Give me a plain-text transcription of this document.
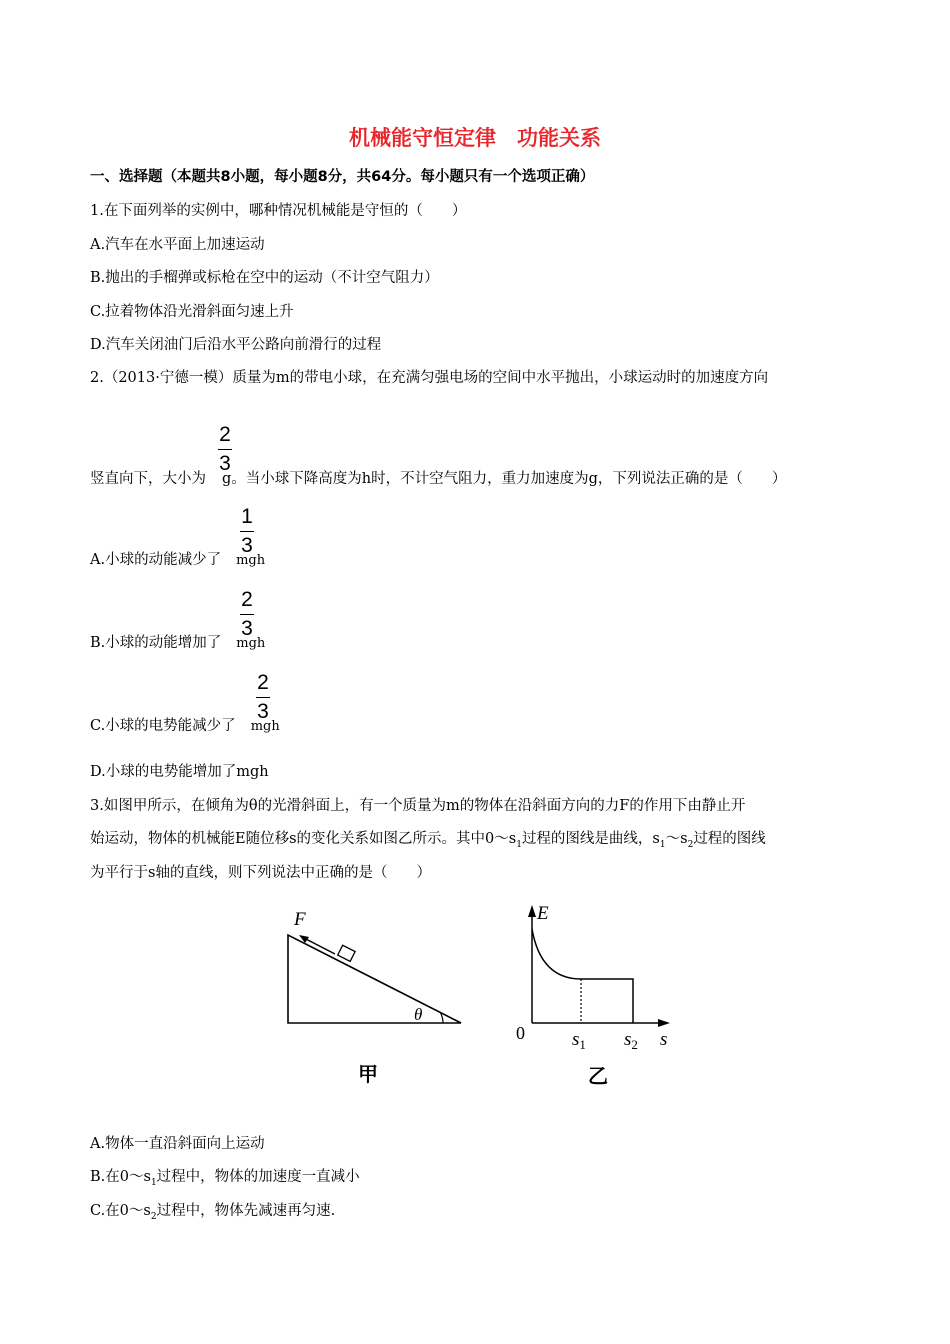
机械能守恒定律　功能关系
一、选择题（本题共8小题，每小题8分，共64分。每小题只有一个选项正确）
1.在下面列举的实例中，哪种情况机械能是守恒的（　　）
A.汽车在水平面上加速运动
B.抛出的手榴弹或标枪在空中的运动（不计空气阻力）
C.拉着物体沿光滑斜面匀速上升
D.汽车关闭油门后沿水平公路向前滑行的过程
2.（2013·宁德一模）质量为m的带电小球，在充满匀强电场的空间中水平抛出，小球运动时的加速度方向
竖直向下，大小为 g。当小球下降高度为h时，不计空气阻力，重力加速度为g，下列说法正确的是（　　）
2
3
A.小球的动能减少了 mgh
1
3
B.小球的动能增加了 mgh
2
3
C.小球的电势能减少了 mgh
2
3
D.小球的电势能增加了mgh
3.如图甲所示，在倾角为θ的光滑斜面上，有一个质量为m的物体在沿斜面方向的力F的作用下由静止开
始运动，物体的机械能E随位移s的变化关系如图乙所示。其中$0\sim s_1$过程的图线是曲线，$s_1\sim s_2$过程的图线
为平行于s轴的直线，则下列说法中正确的是（　　）
F
θ
甲
E
0 $s_1$ $s_2$ s
乙
A.物体一直沿斜面向上运动
B.在$0\sim s_1$过程中，物体的加速度一直减小
C.在$0\sim s_2$过程中，物体先减速再匀速.
